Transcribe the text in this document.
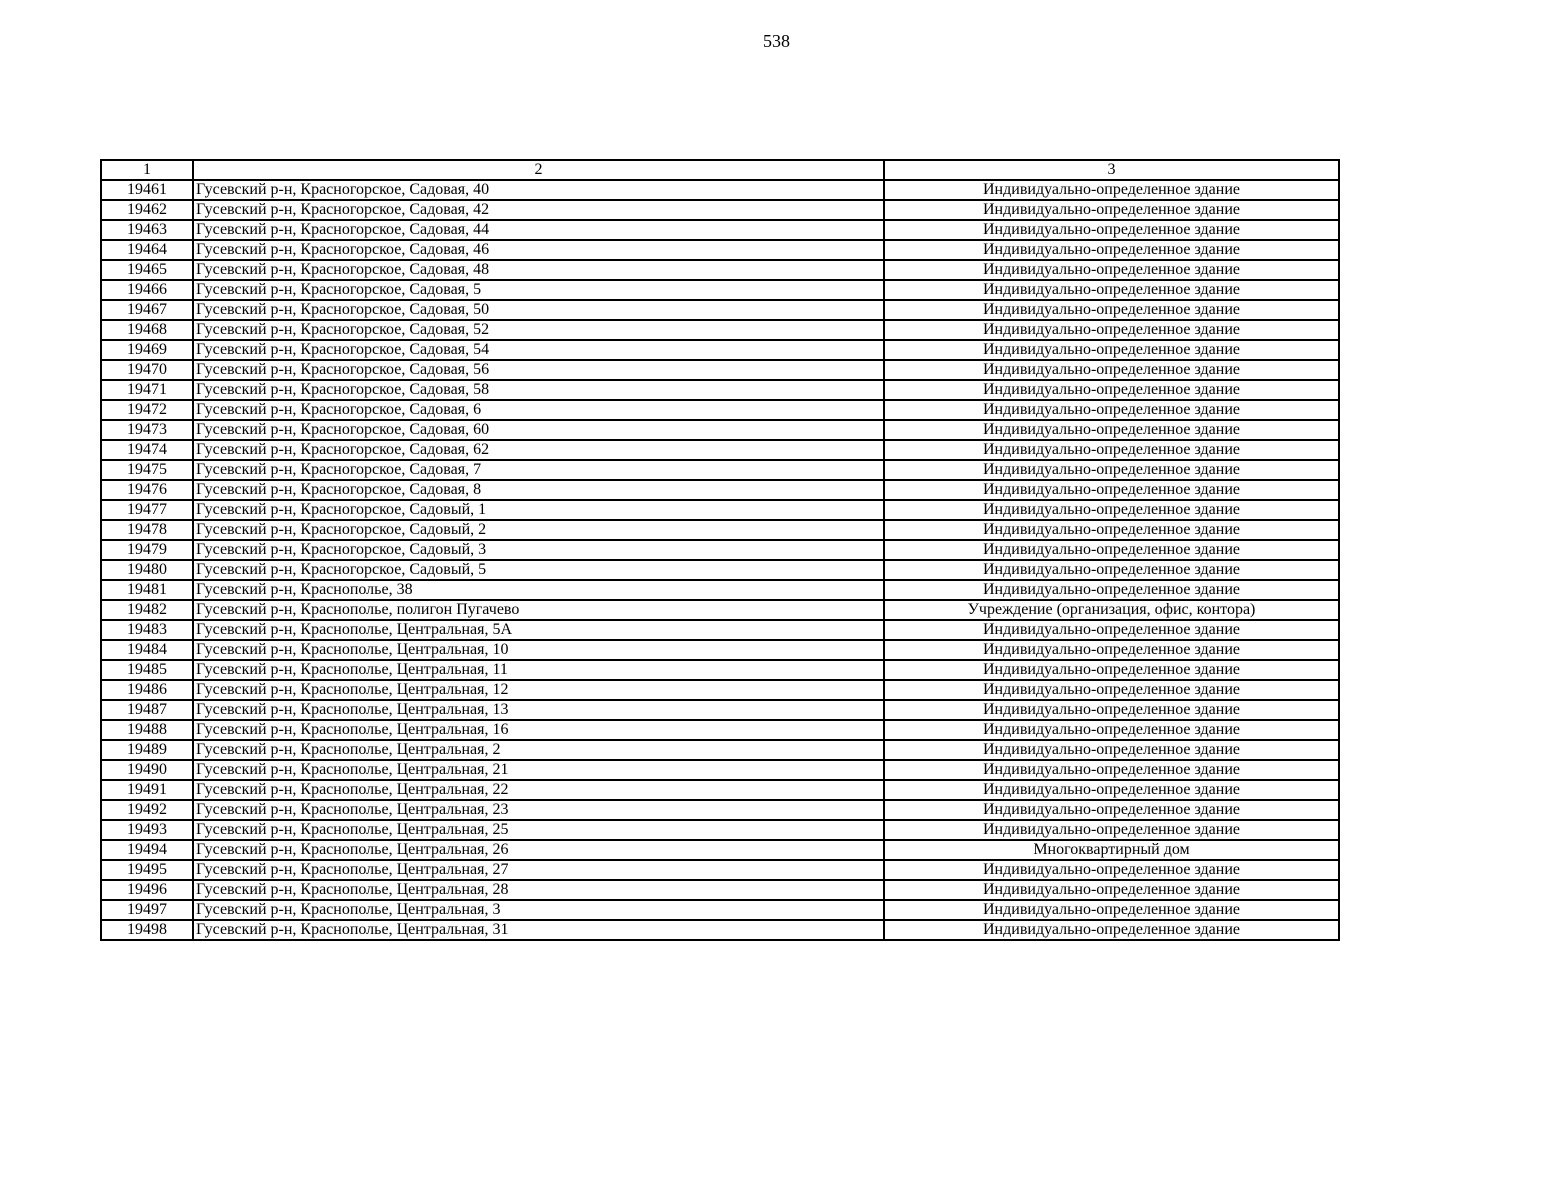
538
1	2	3
19461	Гусевский р-н, Красногорское, Садовая, 40	Индивидуально-определенное здание
19462	Гусевский р-н, Красногорское, Садовая, 42	Индивидуально-определенное здание
19463	Гусевский р-н, Красногорское, Садовая, 44	Индивидуально-определенное здание
19464	Гусевский р-н, Красногорское, Садовая, 46	Индивидуально-определенное здание
19465	Гусевский р-н, Красногорское, Садовая, 48	Индивидуально-определенное здание
19466	Гусевский р-н, Красногорское, Садовая, 5	Индивидуально-определенное здание
19467	Гусевский р-н, Красногорское, Садовая, 50	Индивидуально-определенное здание
19468	Гусевский р-н, Красногорское, Садовая, 52	Индивидуально-определенное здание
19469	Гусевский р-н, Красногорское, Садовая, 54	Индивидуально-определенное здание
19470	Гусевский р-н, Красногорское, Садовая, 56	Индивидуально-определенное здание
19471	Гусевский р-н, Красногорское, Садовая, 58	Индивидуально-определенное здание
19472	Гусевский р-н, Красногорское, Садовая, 6	Индивидуально-определенное здание
19473	Гусевский р-н, Красногорское, Садовая, 60	Индивидуально-определенное здание
19474	Гусевский р-н, Красногорское, Садовая, 62	Индивидуально-определенное здание
19475	Гусевский р-н, Красногорское, Садовая, 7	Индивидуально-определенное здание
19476	Гусевский р-н, Красногорское, Садовая, 8	Индивидуально-определенное здание
19477	Гусевский р-н, Красногорское, Садовый, 1	Индивидуально-определенное здание
19478	Гусевский р-н, Красногорское, Садовый, 2	Индивидуально-определенное здание
19479	Гусевский р-н, Красногорское, Садовый, 3	Индивидуально-определенное здание
19480	Гусевский р-н, Красногорское, Садовый, 5	Индивидуально-определенное здание
19481	Гусевский р-н, Краснополье, 38	Индивидуально-определенное здание
19482	Гусевский р-н, Краснополье, полигон Пугачево	Учреждение (организация, офис, контора)
19483	Гусевский р-н, Краснополье, Центральная, 5А	Индивидуально-определенное здание
19484	Гусевский р-н, Краснополье, Центральная, 10	Индивидуально-определенное здание
19485	Гусевский р-н, Краснополье, Центральная, 11	Индивидуально-определенное здание
19486	Гусевский р-н, Краснополье, Центральная, 12	Индивидуально-определенное здание
19487	Гусевский р-н, Краснополье, Центральная, 13	Индивидуально-определенное здание
19488	Гусевский р-н, Краснополье, Центральная, 16	Индивидуально-определенное здание
19489	Гусевский р-н, Краснополье, Центральная, 2	Индивидуально-определенное здание
19490	Гусевский р-н, Краснополье, Центральная, 21	Индивидуально-определенное здание
19491	Гусевский р-н, Краснополье, Центральная, 22	Индивидуально-определенное здание
19492	Гусевский р-н, Краснополье, Центральная, 23	Индивидуально-определенное здание
19493	Гусевский р-н, Краснополье, Центральная, 25	Индивидуально-определенное здание
19494	Гусевский р-н, Краснополье, Центральная, 26	Многоквартирный дом
19495	Гусевский р-н, Краснополье, Центральная, 27	Индивидуально-определенное здание
19496	Гусевский р-н, Краснополье, Центральная, 28	Индивидуально-определенное здание
19497	Гусевский р-н, Краснополье, Центральная, 3	Индивидуально-определенное здание
19498	Гусевский р-н, Краснополье, Центральная, 31	Индивидуально-определенное здание
